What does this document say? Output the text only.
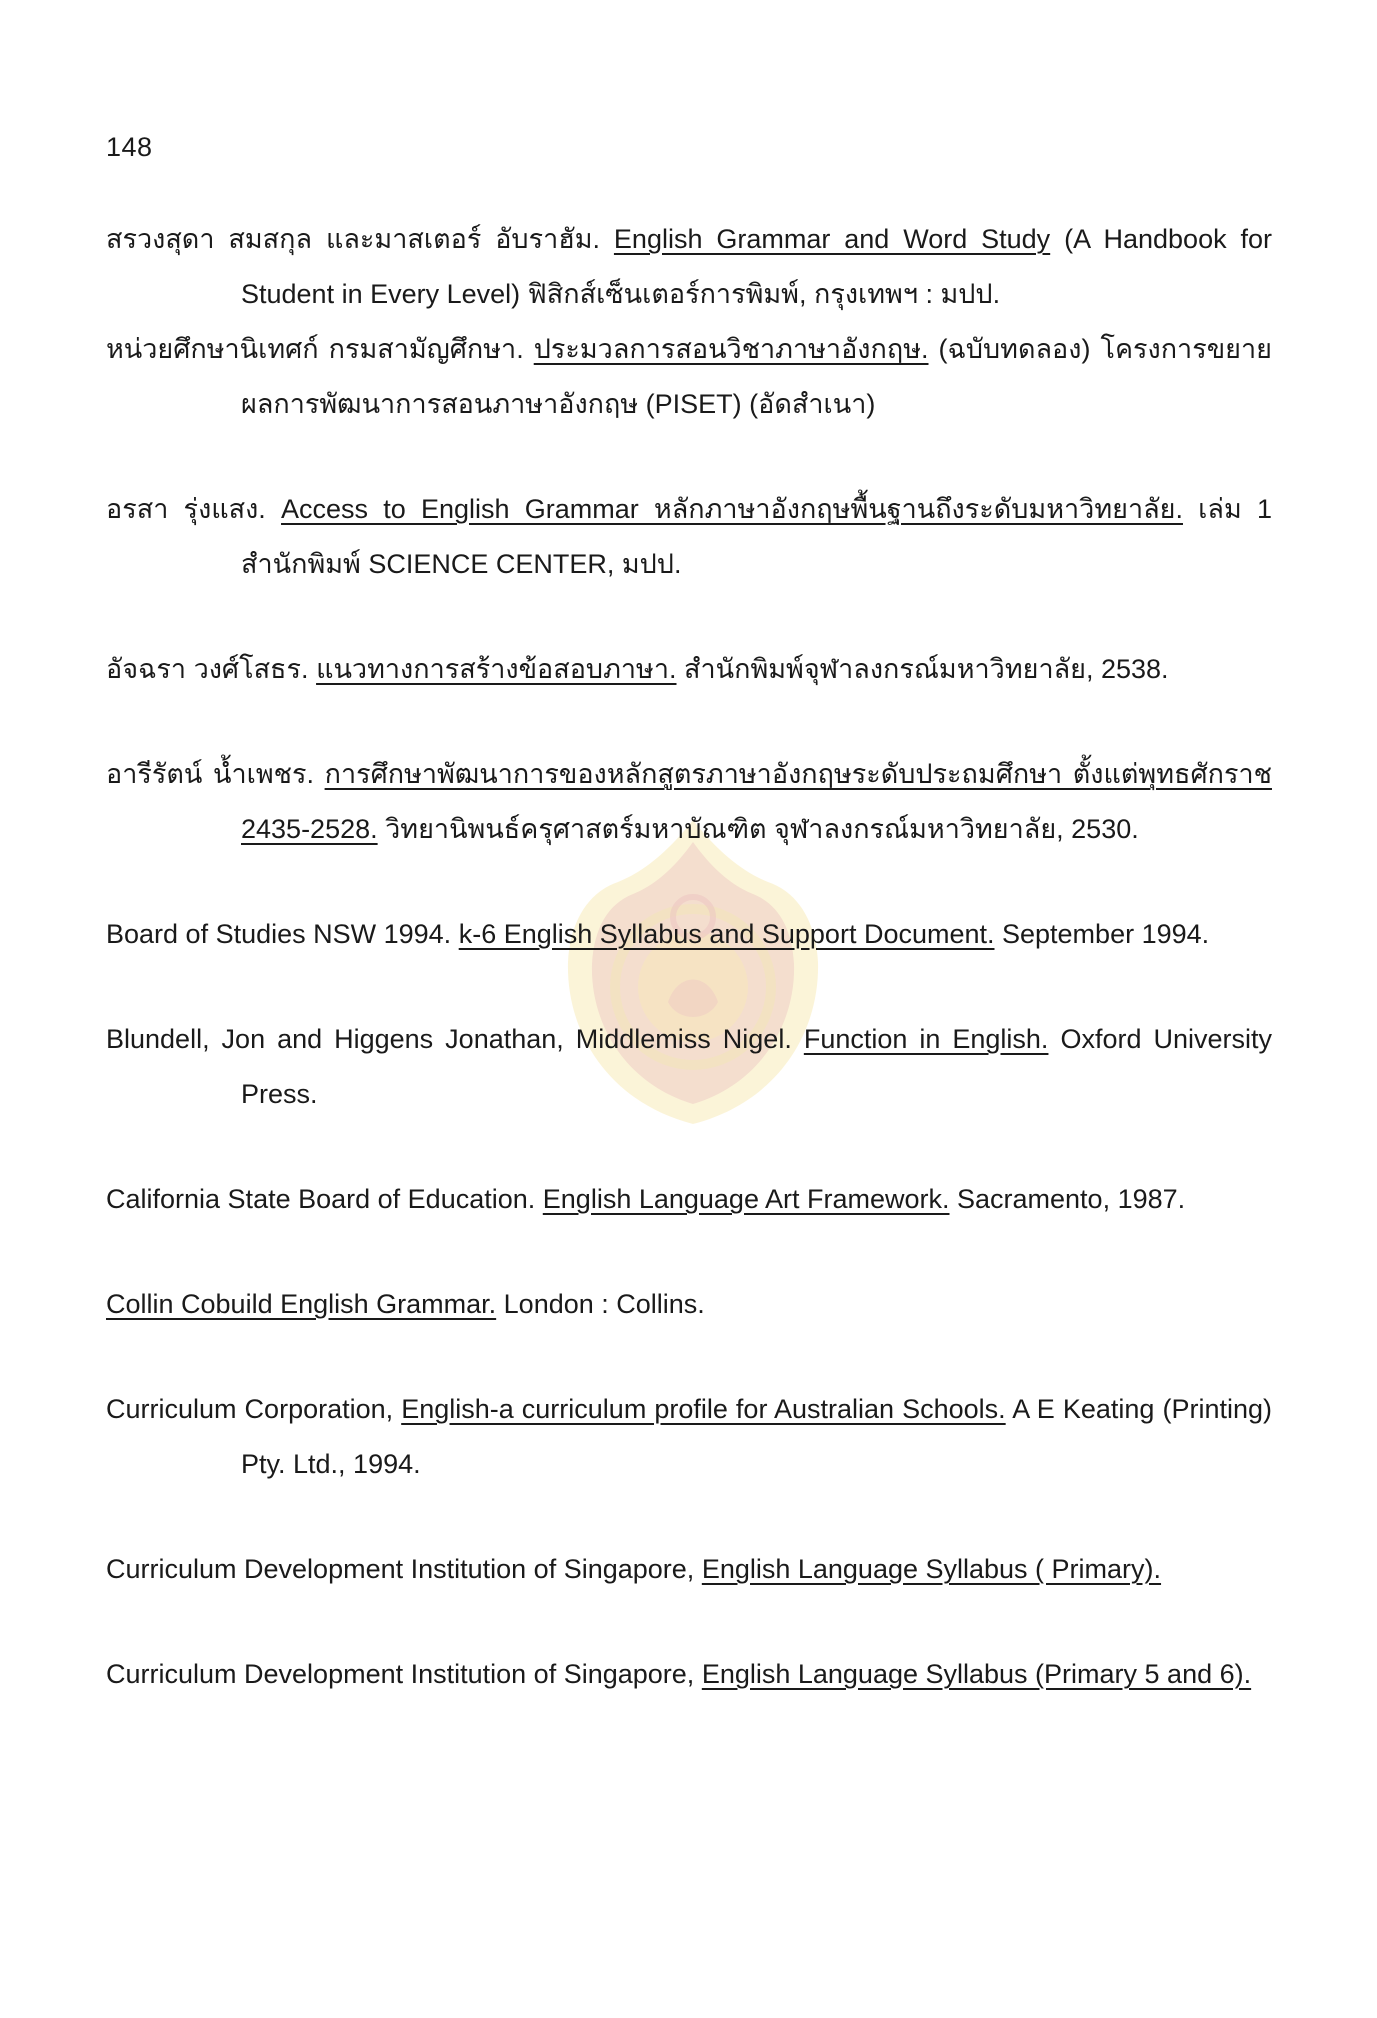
148

สรวงสุดา สมสกุล และมาสเตอร์ อับราฮัม. English Grammar and Word Study (A Handbook for Student in Every Level) ฟิสิกส์เซ็นเตอร์การพิมพ์, กรุงเทพฯ : มปป.

หน่วยศึกษานิเทศก์ กรมสามัญศึกษา. ประมวลการสอนวิชาภาษาอังกฤษ. (ฉบับทดลอง) โครงการขยายผลการพัฒนาการสอนภาษาอังกฤษ (PISET) (อัดสำเนา)

อรสา รุ่งแสง. Access to English Grammar หลักภาษาอังกฤษพื้นฐานถึงระดับมหาวิทยาลัย. เล่ม 1 สำนักพิมพ์ SCIENCE CENTER, มปป.

อัจฉรา วงศ์โสธร. แนวทางการสร้างข้อสอบภาษา. สำนักพิมพ์จุฬาลงกรณ์มหาวิทยาลัย, 2538.

อารีรัตน์ น้ำเพชร. การศึกษาพัฒนาการของหลักสูตรภาษาอังกฤษระดับประถมศึกษา ตั้งแต่พุทธศักราช 2435-2528. วิทยานิพนธ์ครุศาสตร์มหาบัณฑิต จุฬาลงกรณ์มหาวิทยาลัย, 2530.

Board of Studies NSW 1994. k-6 English Syllabus and Support Document. September 1994.

Blundell, Jon and Higgens Jonathan, Middlemiss Nigel. Function in English. Oxford University Press.

California State Board of Education. English Language Art Framework. Sacramento, 1987.

Collin Cobuild English Grammar. London : Collins.

Curriculum Corporation, English-a curriculum profile for Australian Schools. A E Keating (Printing) Pty. Ltd., 1994.

Curriculum Development Institution of Singapore, English Language Syllabus ( Primary).

Curriculum Development Institution of Singapore, English Language Syllabus (Primary 5 and 6).
